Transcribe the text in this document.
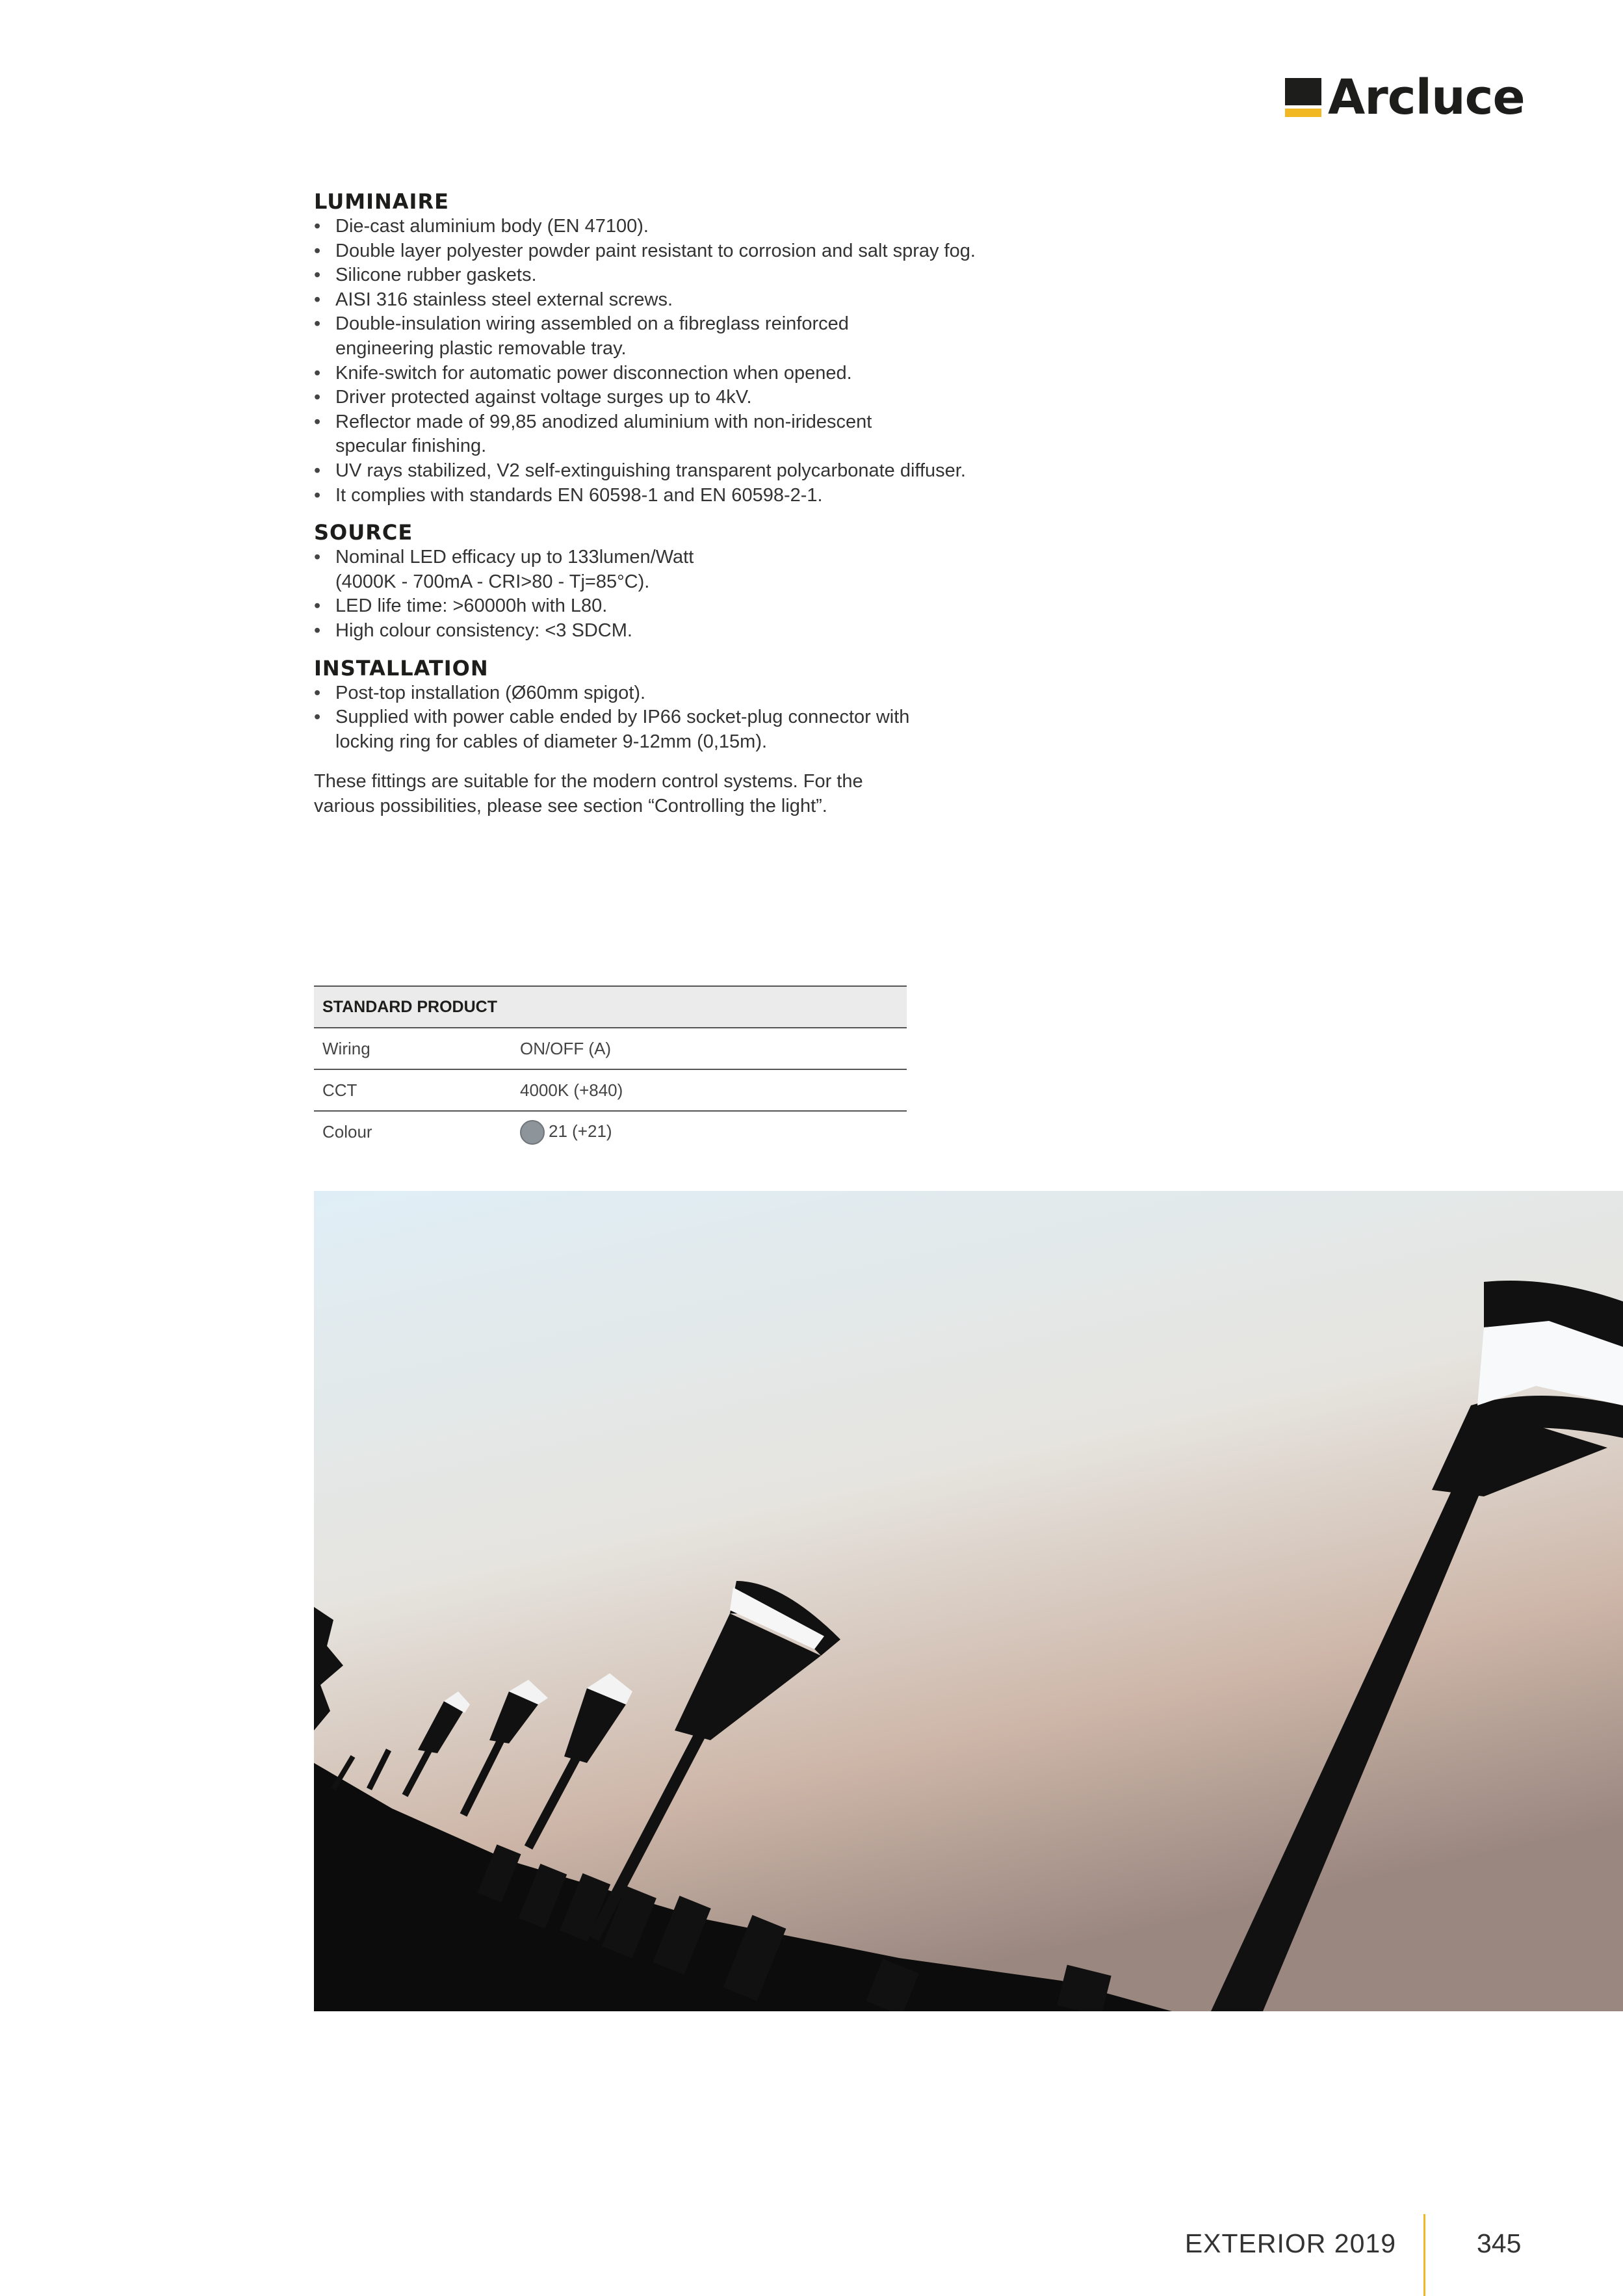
Arcluce
LUMINAIRE
• Die-cast aluminium body (EN 47100).
• Double layer polyester powder paint resistant to corrosion and salt spray fog.
• Silicone rubber gaskets.
• AISI 316 stainless steel external screws.
• Double-insulation wiring assembled on a fibreglass reinforced engineering plastic removable tray.
• Knife-switch for automatic power disconnection when opened.
• Driver protected against voltage surges up to 4kV.
• Reflector made of 99,85 anodized aluminium with non-iridescent specular finishing.
• UV rays stabilized, V2 self-extinguishing transparent polycarbonate diffuser.
• It complies with standards EN 60598-1 and EN 60598-2-1.
SOURCE
• Nominal LED efficacy up to 133lumen/Watt (4000K - 700mA - CRI>80 - Tj=85°C).
• LED life time: >60000h with L80.
• High colour consistency: <3 SDCM.
INSTALLATION
• Post-top installation (Ø60mm spigot).
• Supplied with power cable ended by IP66 socket-plug connector with locking ring for cables of diameter 9-12mm (0,15m).

These fittings are suitable for the modern control systems. For the various possibilities, please see section “Controlling the light”.

STANDARD PRODUCT	
Wiring	ON/OFF (A)
CCT	4000K (+840)
Colour	21 (+21)
EXTERIOR 2019	345
